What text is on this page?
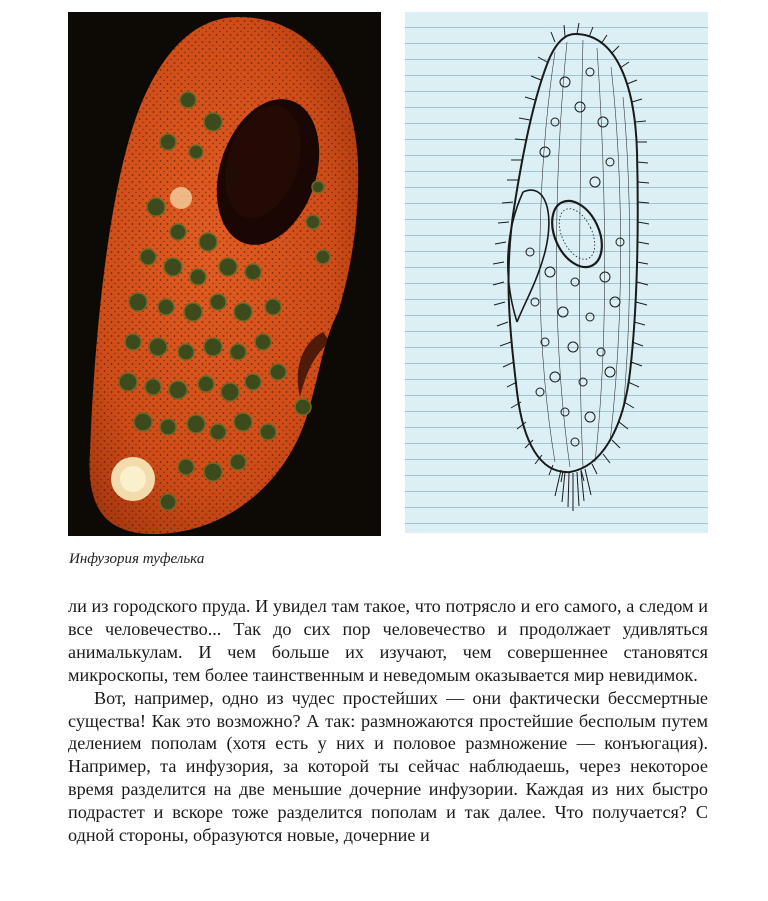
Инфузория туфелька

ли из городского пруда. И увидел там такое, что потрясло и его самого, а следом и все человечество... Так до сих пор человечество и продолжает удивляться анималькулам. И чем больше их изучают, чем совершеннее становятся микроскопы, тем более таинственным и неведомым оказывается мир невидимок.

Вот, например, одно из чудес простейших — они фактически бессмертные существа! Как это возможно? А так: размножаются простейшие бесполым путем делением пополам (хотя есть у них и половое размножение — конъюгация). Например, та инфузория, за которой ты сейчас наблюдаешь, через некоторое время разделится на две меньшие дочерние инфузории. Каждая из них быстро подрастет и вскоре тоже разделится пополам и так далее. Что получается? С одной стороны, образуются новые, дочерние и
